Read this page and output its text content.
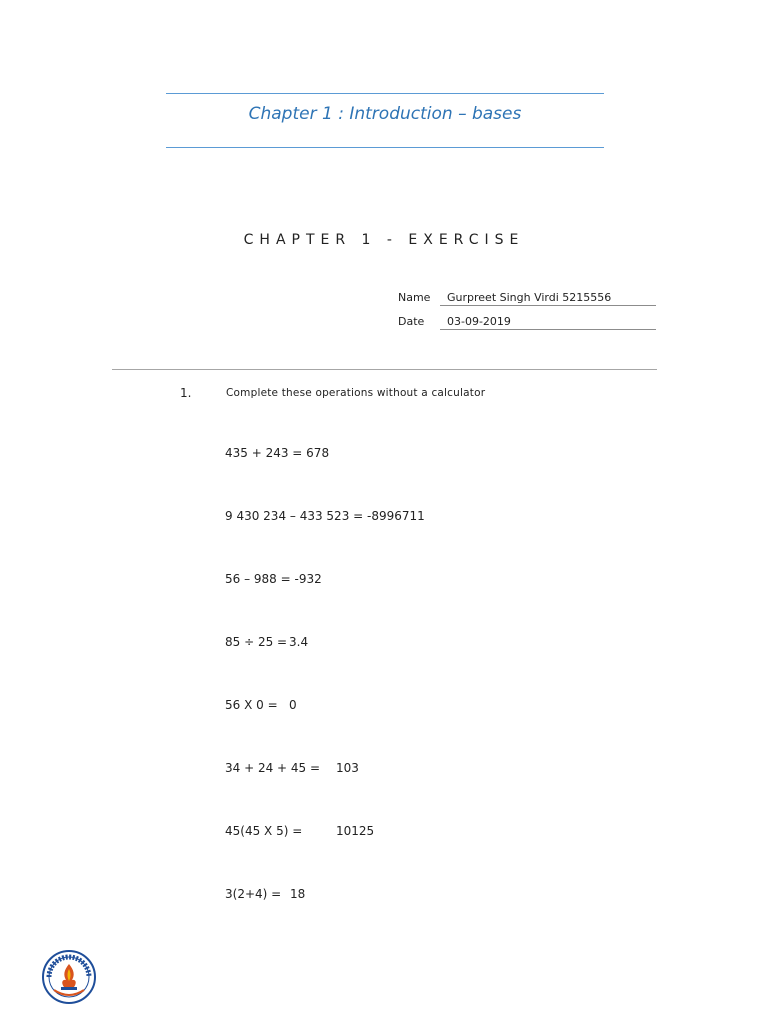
Chapter 1 : Introduction – bases
CHAPTER 1 - EXERCISE
Name Gurpreet Singh Virdi 5215556
Date 03-09-2019
1.	Complete these operations without a calculator
435 + 243 = 678
9 430 234 – 433 523 = -8996711
56 – 988 = -932
85 ÷ 25 = 3.4
56 X 0 = 0
34 + 24 + 45 = 103
45(45 X 5) =	10125
3(2+4) = 18
